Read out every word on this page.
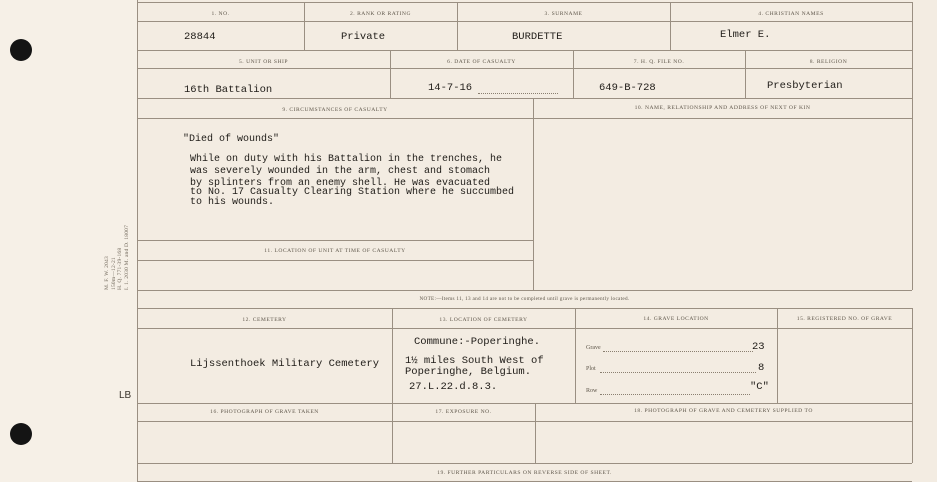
M. F. W. 2043
150m—12-21
H. Q. 771-39-168
I. 1. 2030 M. and D. 18007
LB
1. NO.	2. RANK OR RATING	3. SURNAME	4. CHRISTIAN NAMES
28844	Private	BURDETTE	Elmer E.
5. UNIT OR SHIP	6. DATE OF CASUALTY	7. H. Q. FILE NO.	8. RELIGION
16th Battalion	14-7-16	649-B-728	Presbyterian
9. CIRCUMSTANCES OF CASUALTY	10. NAME, RELATIONSHIP AND ADDRESS OF NEXT OF KIN
"Died of wounds"
While on duty with his Battalion in the trenches, he
was severely wounded in the arm, chest and stomach
by splinters from an enemy shell. He was evacuated
to No. 17 Casualty Clearing Station where he succumbed
to his wounds.
11. LOCATION OF UNIT AT TIME OF CASUALTY
NOTE:—Items 11, 13 and 14 are not to be completed until grave is permanently located.
12. CEMETERY	13. LOCATION OF CEMETERY	14. GRAVE LOCATION	15. REGISTERED NO. OF GRAVE
Lijssenthoek Military Cemetery
Commune:-Poperinghe.
1½ miles South West of
Poperinghe, Belgium.
27.L.22.d.8.3.
Grave	23
Plot	8
Row	"C"
16. PHOTOGRAPH OF GRAVE TAKEN	17. EXPOSURE NO.	18. PHOTOGRAPH OF GRAVE AND CEMETERY SUPPLIED TO
19. FURTHER PARTICULARS ON REVERSE SIDE OF SHEET.
